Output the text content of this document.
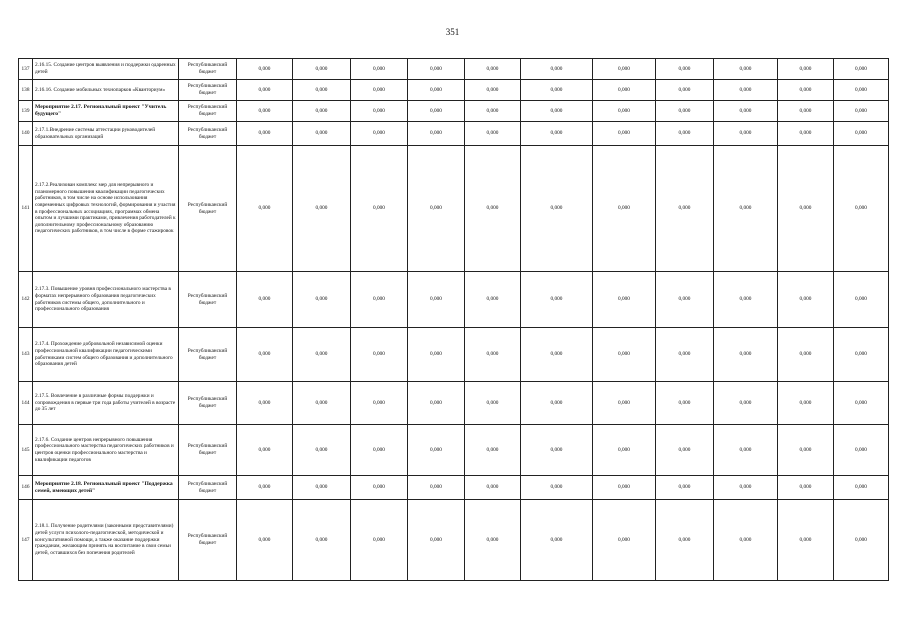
351
137	2.16.15. Создание центров выявления и поддержки одаренных детей	Республиканский бюджет	0,000	0,000	0,000	0,000	0,000	0,000	0,000	0,000	0,000	0,000	0,000
138	2.16.16. Создание мобильных технопарков «Кванториум»	Республиканский бюджет	0,000	0,000	0,000	0,000	0,000	0,000	0,000	0,000	0,000	0,000	0,000
139	Мероприятие 2.17. Региональный проект "Учитель будущего"	Республиканский бюджет	0,000	0,000	0,000	0,000	0,000	0,000	0,000	0,000	0,000	0,000	0,000
140	2.17.1.Внедрение системы аттестации руководителей образовательных организаций	Республиканский бюджет	0,000	0,000	0,000	0,000	0,000	0,000	0,000	0,000	0,000	0,000	0,000
141	2.17.2.Реализован комплекс мер для непрерывного и планомерного повышения квалификации педагогических работников, в том числе на основе использования современных цифровых технологий, формирования и участия в профессиональных ассоциациях, программах обмена опытом и лучшими практиками, привлечения работодателей к дополнительному профессиональному образованию педагогических работников, в том числе в форме стажировок	Республиканский бюджет	0,000	0,000	0,000	0,000	0,000	0,000	0,000	0,000	0,000	0,000	0,000
142	2.17.3. Повышение уровня профессионального мастерства в форматах непрерывного образования педагогических работников системы общего, дополнительного и профессионального образования	Республиканский бюджет	0,000	0,000	0,000	0,000	0,000	0,000	0,000	0,000	0,000	0,000	0,000
143	2.17.4. Прохождение добровольной независимой оценки профессиональной квалификации педагогическими работниками систем общего образования и дополнительного образования детей	Республиканский бюджет	0,000	0,000	0,000	0,000	0,000	0,000	0,000	0,000	0,000	0,000	0,000
144	2.17.5. Вовлечение в различные формы поддержки и сопровождения в первые три года работы учителей в возрасте до 35 лет	Республиканский бюджет	0,000	0,000	0,000	0,000	0,000	0,000	0,000	0,000	0,000	0,000	0,000
145	2.17.6. Создание центров непрерывного повышения профессионального мастерства педагогических работников и центров оценки профессионального мастерства и квалификации педагогов	Республиканский бюджет	0,000	0,000	0,000	0,000	0,000	0,000	0,000	0,000	0,000	0,000	0,000
146	Мероприятие 2.18. Региональный проект "Поддержка семей, имеющих детей"	Республиканский бюджет	0,000	0,000	0,000	0,000	0,000	0,000	0,000	0,000	0,000	0,000	0,000
147	2.18.1. Получение родителями (законными представителями) детей услуги психолого-педагогической, методической и консультативной помощи, а также оказание поддержки гражданам, желающим принять на воспитание в свои семьи детей, оставшихся без попечения родителей	Республиканский бюджет	0,000	0,000	0,000	0,000	0,000	0,000	0,000	0,000	0,000	0,000	0,000
